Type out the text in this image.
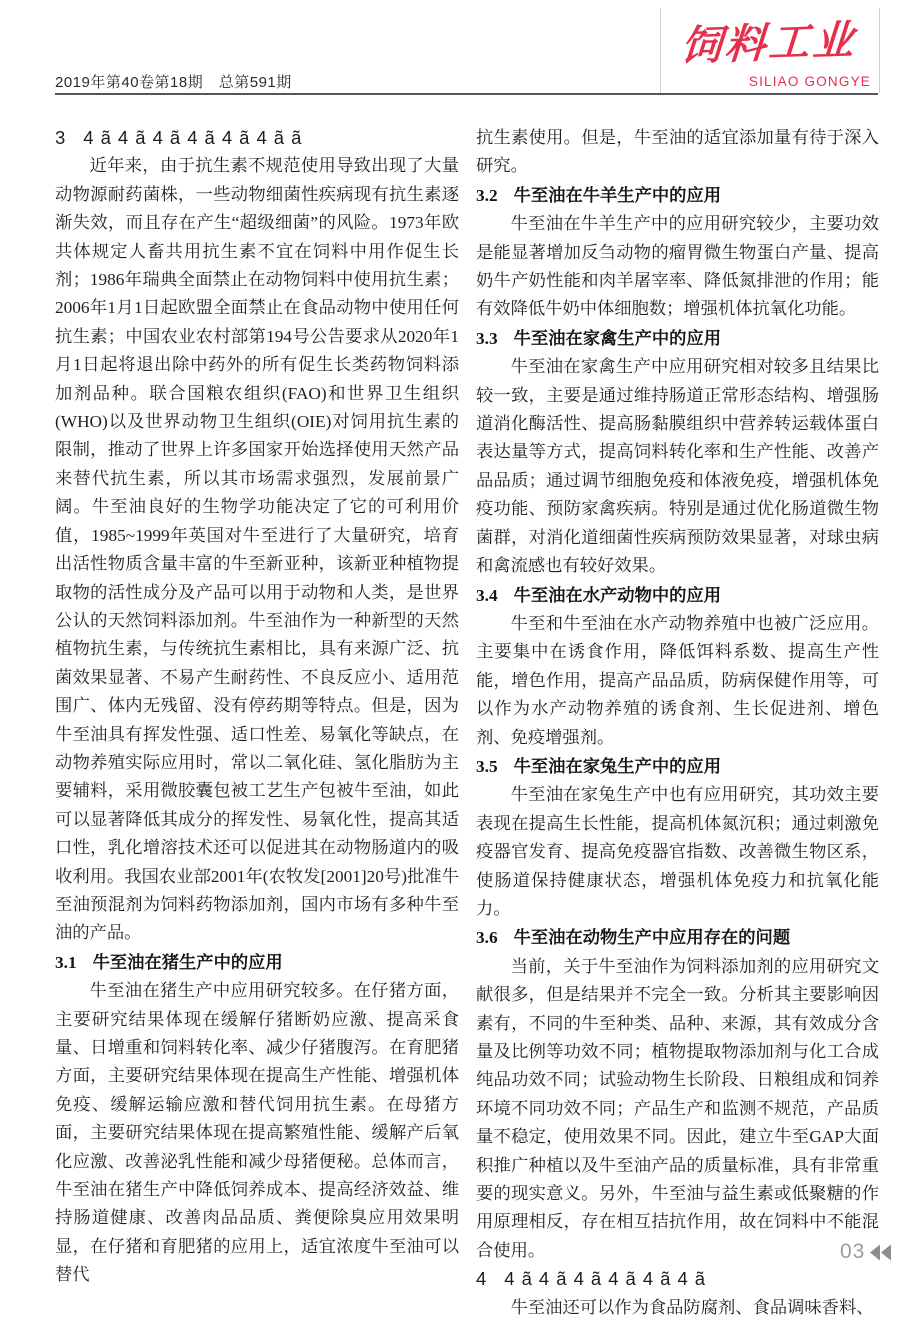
2019年第40卷第18期　总第591期
饲料工业
SILIAO GONGYE
3 4ã4ã4ã4ã4ã4ãã

近年来，由于抗生素不规范使用导致出现了大量动物源耐药菌株，一些动物细菌性疾病现有抗生素逐渐失效，而且存在产生“超级细菌”的风险。1973年欧共体规定人畜共用抗生素不宜在饲料中用作促生长剂；1986年瑞典全面禁止在动物饲料中使用抗生素；2006年1月1日起欧盟全面禁止在食品动物中使用任何抗生素；中国农业农村部第194号公告要求从2020年1月1日起将退出除中药外的所有促生长类药物饲料添加剂品种。联合国粮农组织(FAO)和世界卫生组织(WHO)以及世界动物卫生组织(OIE)对饲用抗生素的限制，推动了世界上许多国家开始选择使用天然产品来替代抗生素，所以其市场需求强烈，发展前景广阔。牛至油良好的生物学功能决定了它的可利用价值，1985~1999年英国对牛至进行了大量研究，培育出活性物质含量丰富的牛至新亚种，该新亚种植物提取物的活性成分及产品可以用于动物和人类，是世界公认的天然饲料添加剂。牛至油作为一种新型的天然植物抗生素，与传统抗生素相比，具有来源广泛、抗菌效果显著、不易产生耐药性、不良反应小、适用范围广、体内无残留、没有停药期等特点。但是，因为牛至油具有挥发性强、适口性差、易氧化等缺点，在动物养殖实际应用时，常以二氧化硅、氢化脂肪为主要辅料，采用微胶囊包被工艺生产包被牛至油，如此可以显著降低其成分的挥发性、易氧化性，提高其适口性，乳化增溶技术还可以促进其在动物肠道内的吸收利用。我国农业部2001年(农牧发[2001]20号)批准牛至油预混剂为饲料药物添加剂，国内市场有多种牛至油的产品。

3.1 牛至油在猪生产中的应用

牛至油在猪生产中应用研究较多。在仔猪方面，主要研究结果体现在缓解仔猪断奶应激、提高采食量、日增重和饲料转化率、减少仔猪腹泻。在育肥猪方面，主要研究结果体现在提高生产性能、增强机体免疫、缓解运输应激和替代饲用抗生素。在母猪方面，主要研究结果体现在提高繁殖性能、缓解产后氧化应激、改善泌乳性能和减少母猪便秘。总体而言，牛至油在猪生产中降低饲养成本、提高经济效益、维持肠道健康、改善肉品品质、粪便除臭应用效果明显，在仔猪和育肥猪的应用上，适宜浓度牛至油可以替代

抗生素使用。但是，牛至油的适宜添加量有待于深入研究。

3.2 牛至油在牛羊生产中的应用

牛至油在牛羊生产中的应用研究较少，主要功效是能显著增加反刍动物的瘤胃微生物蛋白产量、提高奶牛产奶性能和肉羊屠宰率、降低氮排泄的作用；能有效降低牛奶中体细胞数；增强机体抗氧化功能。

3.3 牛至油在家禽生产中的应用

牛至油在家禽生产中应用研究相对较多且结果比较一致，主要是通过维持肠道正常形态结构、增强肠道消化酶活性、提高肠黏膜组织中营养转运载体蛋白表达量等方式，提高饲料转化率和生产性能、改善产品品质；通过调节细胞免疫和体液免疫，增强机体免疫功能、预防家禽疾病。特别是通过优化肠道微生物菌群，对消化道细菌性疾病预防效果显著，对球虫病和禽流感也有较好效果。

3.4 牛至油在水产动物中的应用

牛至和牛至油在水产动物养殖中也被广泛应用。主要集中在诱食作用，降低饵料系数、提高生产性能，增色作用，提高产品品质，防病保健作用等，可以作为水产动物养殖的诱食剂、生长促进剂、增色剂、免疫增强剂。

3.5 牛至油在家兔生产中的应用

牛至油在家兔生产中也有应用研究，其功效主要表现在提高生长性能，提高机体氮沉积；通过刺激免疫器官发育、提高免疫器官指数、改善微生物区系，使肠道保持健康状态，增强机体免疫力和抗氧化能力。

3.6 牛至油在动物生产中应用存在的问题

当前，关于牛至油作为饲料添加剂的应用研究文献很多，但是结果并不完全一致。分析其主要影响因素有，不同的牛至种类、品种、来源，其有效成分含量及比例等功效不同；植物提取物添加剂与化工合成纯品功效不同；试验动物生长阶段、日粮组成和饲养环境不同功效不同；产品生产和监测不规范，产品质量不稳定，使用效果不同。因此，建立牛至GAP大面积推广种植以及牛至油产品的质量标准，具有非常重要的现实意义。另外，牛至油与益生素或低聚糖的作用原理相反，存在相互拮抗作用，故在饲料中不能混合使用。

4 4ã4ã4ã4ã4ã4ã

牛至油还可以作为食品防腐剂、食品调味香料、

03
